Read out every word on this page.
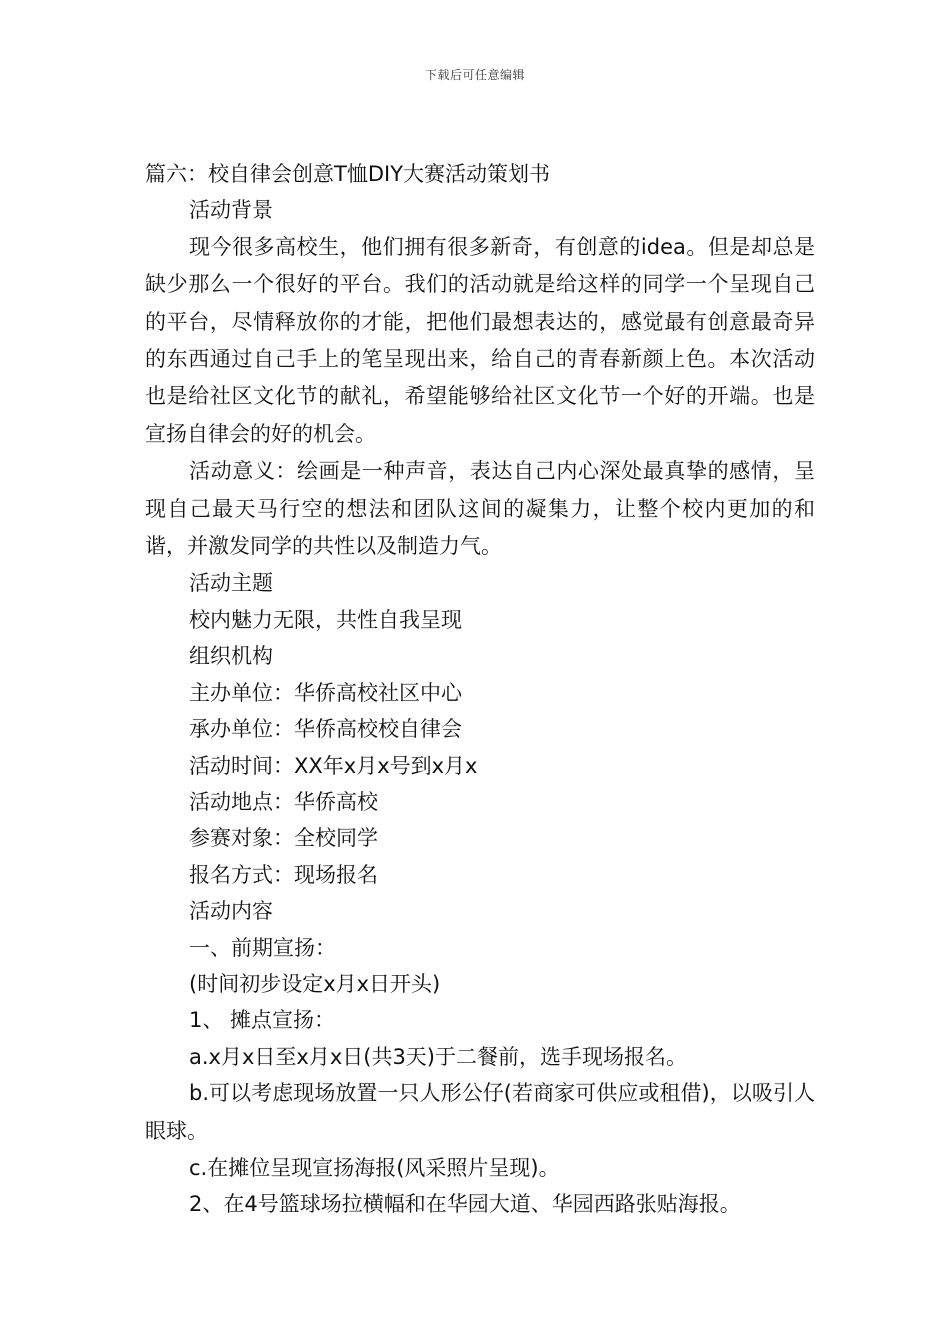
下载后可任意编辑
篇六：校自律会创意T恤DIY大赛活动策划书
活动背景
现今很多高校生，他们拥有很多新奇，有创意的idea。但是却总是缺少那么一个很好的平台。我们的活动就是给这样的同学一个呈现自己的平台，尽情释放你的才能，把他们最想表达的，感觉最有创意最奇异的东西通过自己手上的笔呈现出来，给自己的青春新颜上色。本次活动也是给社区文化节的献礼，希望能够给社区文化节一个好的开端。也是宣扬自律会的好的机会。
活动意义：绘画是一种声音，表达自己内心深处最真挚的感情，呈现自己最天马行空的想法和团队这间的凝集力，让整个校内更加的和谐，并激发同学的共性以及制造力气。
活动主题
校内魅力无限，共性自我呈现
组织机构
主办单位：华侨高校社区中心
承办单位：华侨高校校自律会
活动时间：XX年x月x号到x月x
活动地点：华侨高校
参赛对象：全校同学
报名方式：现场报名
活动内容
一、前期宣扬：
(时间初步设定x月x日开头)
1、 摊点宣扬：
a.x月x日至x月x日(共3天)于二餐前，选手现场报名。
b.可以考虑现场放置一只人形公仔(若商家可供应或租借)，以吸引人眼球。
c.在摊位呈现宣扬海报(风采照片呈现)。
2、在4号篮球场拉横幅和在华园大道、华园西路张贴海报。
